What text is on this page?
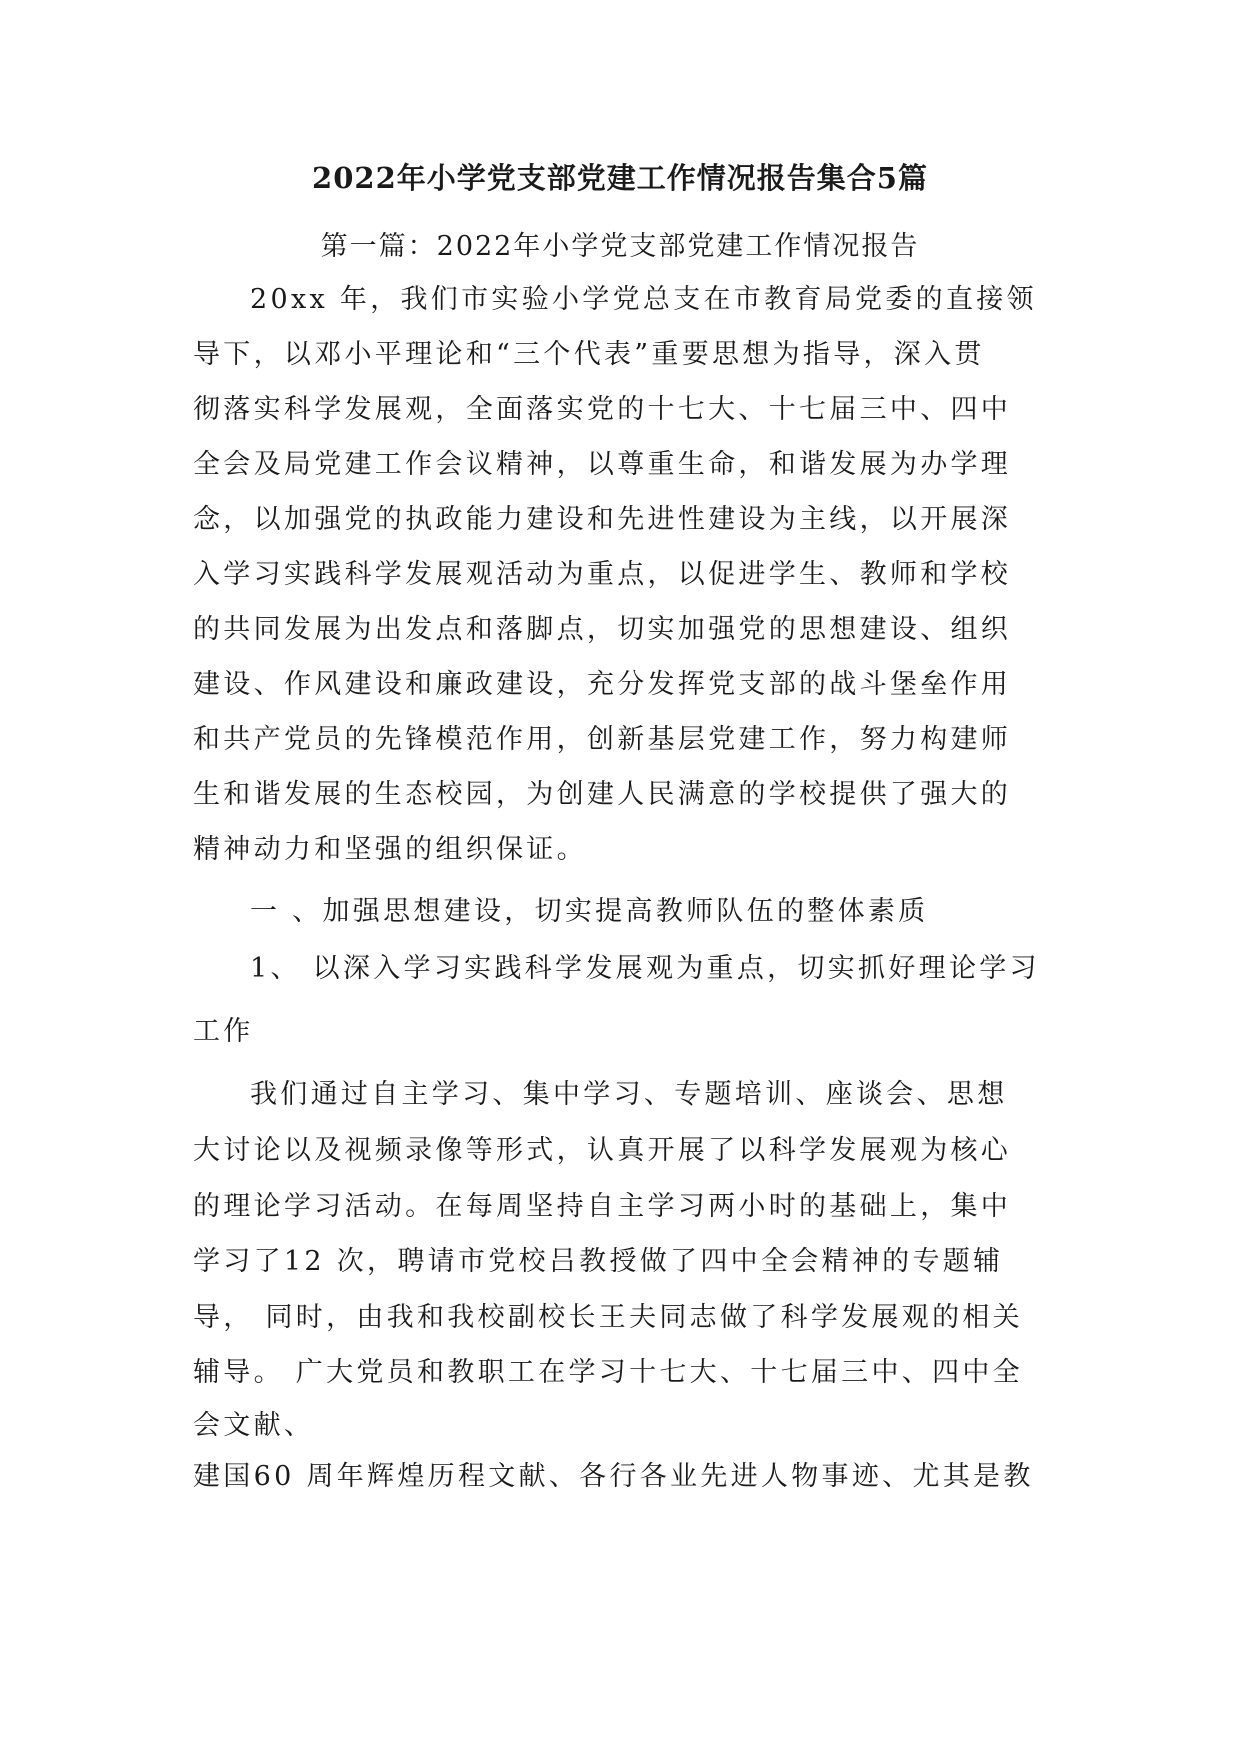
2022年小学党支部党建工作情况报告集合5篇
第一篇：2022年小学党支部党建工作情况报告
20xx 年，我们市实验小学党总支在市教育局党委的直接领
导下，以邓小平理论和“三个代表”重要思想为指导，深入贯
彻落实科学发展观，全面落实党的十七大、十七届三中、四中
全会及局党建工作会议精神，以尊重生命，和谐发展为办学理
念，以加强党的执政能力建设和先进性建设为主线，以开展深
入学习实践科学发展观活动为重点，以促进学生、教师和学校
的共同发展为出发点和落脚点，切实加强党的思想建设、组织
建设、作风建设和廉政建设，充分发挥党支部的战斗堡垒作用
和共产党员的先锋模范作用，创新基层党建工作，努力构建师
生和谐发展的生态校园，为创建人民满意的学校提供了强大的
精神动力和坚强的组织保证。
一 、加强思想建设，切实提高教师队伍的整体素质
1、 以深入学习实践科学发展观为重点，切实抓好理论学习
工作
我们通过自主学习、集中学习、专题培训、座谈会、思想
大讨论以及视频录像等形式，认真开展了以科学发展观为核心
的理论学习活动。在每周坚持自主学习两小时的基础上，集中
学习了12 次，聘请市党校吕教授做了四中全会精神的专题辅
导， 同时，由我和我校副校长王夫同志做了科学发展观的相关
辅导。 广大党员和教职工在学习十七大、十七届三中、四中全
会文献、
建国60 周年辉煌历程文献、各行各业先进人物事迹、尤其是教
